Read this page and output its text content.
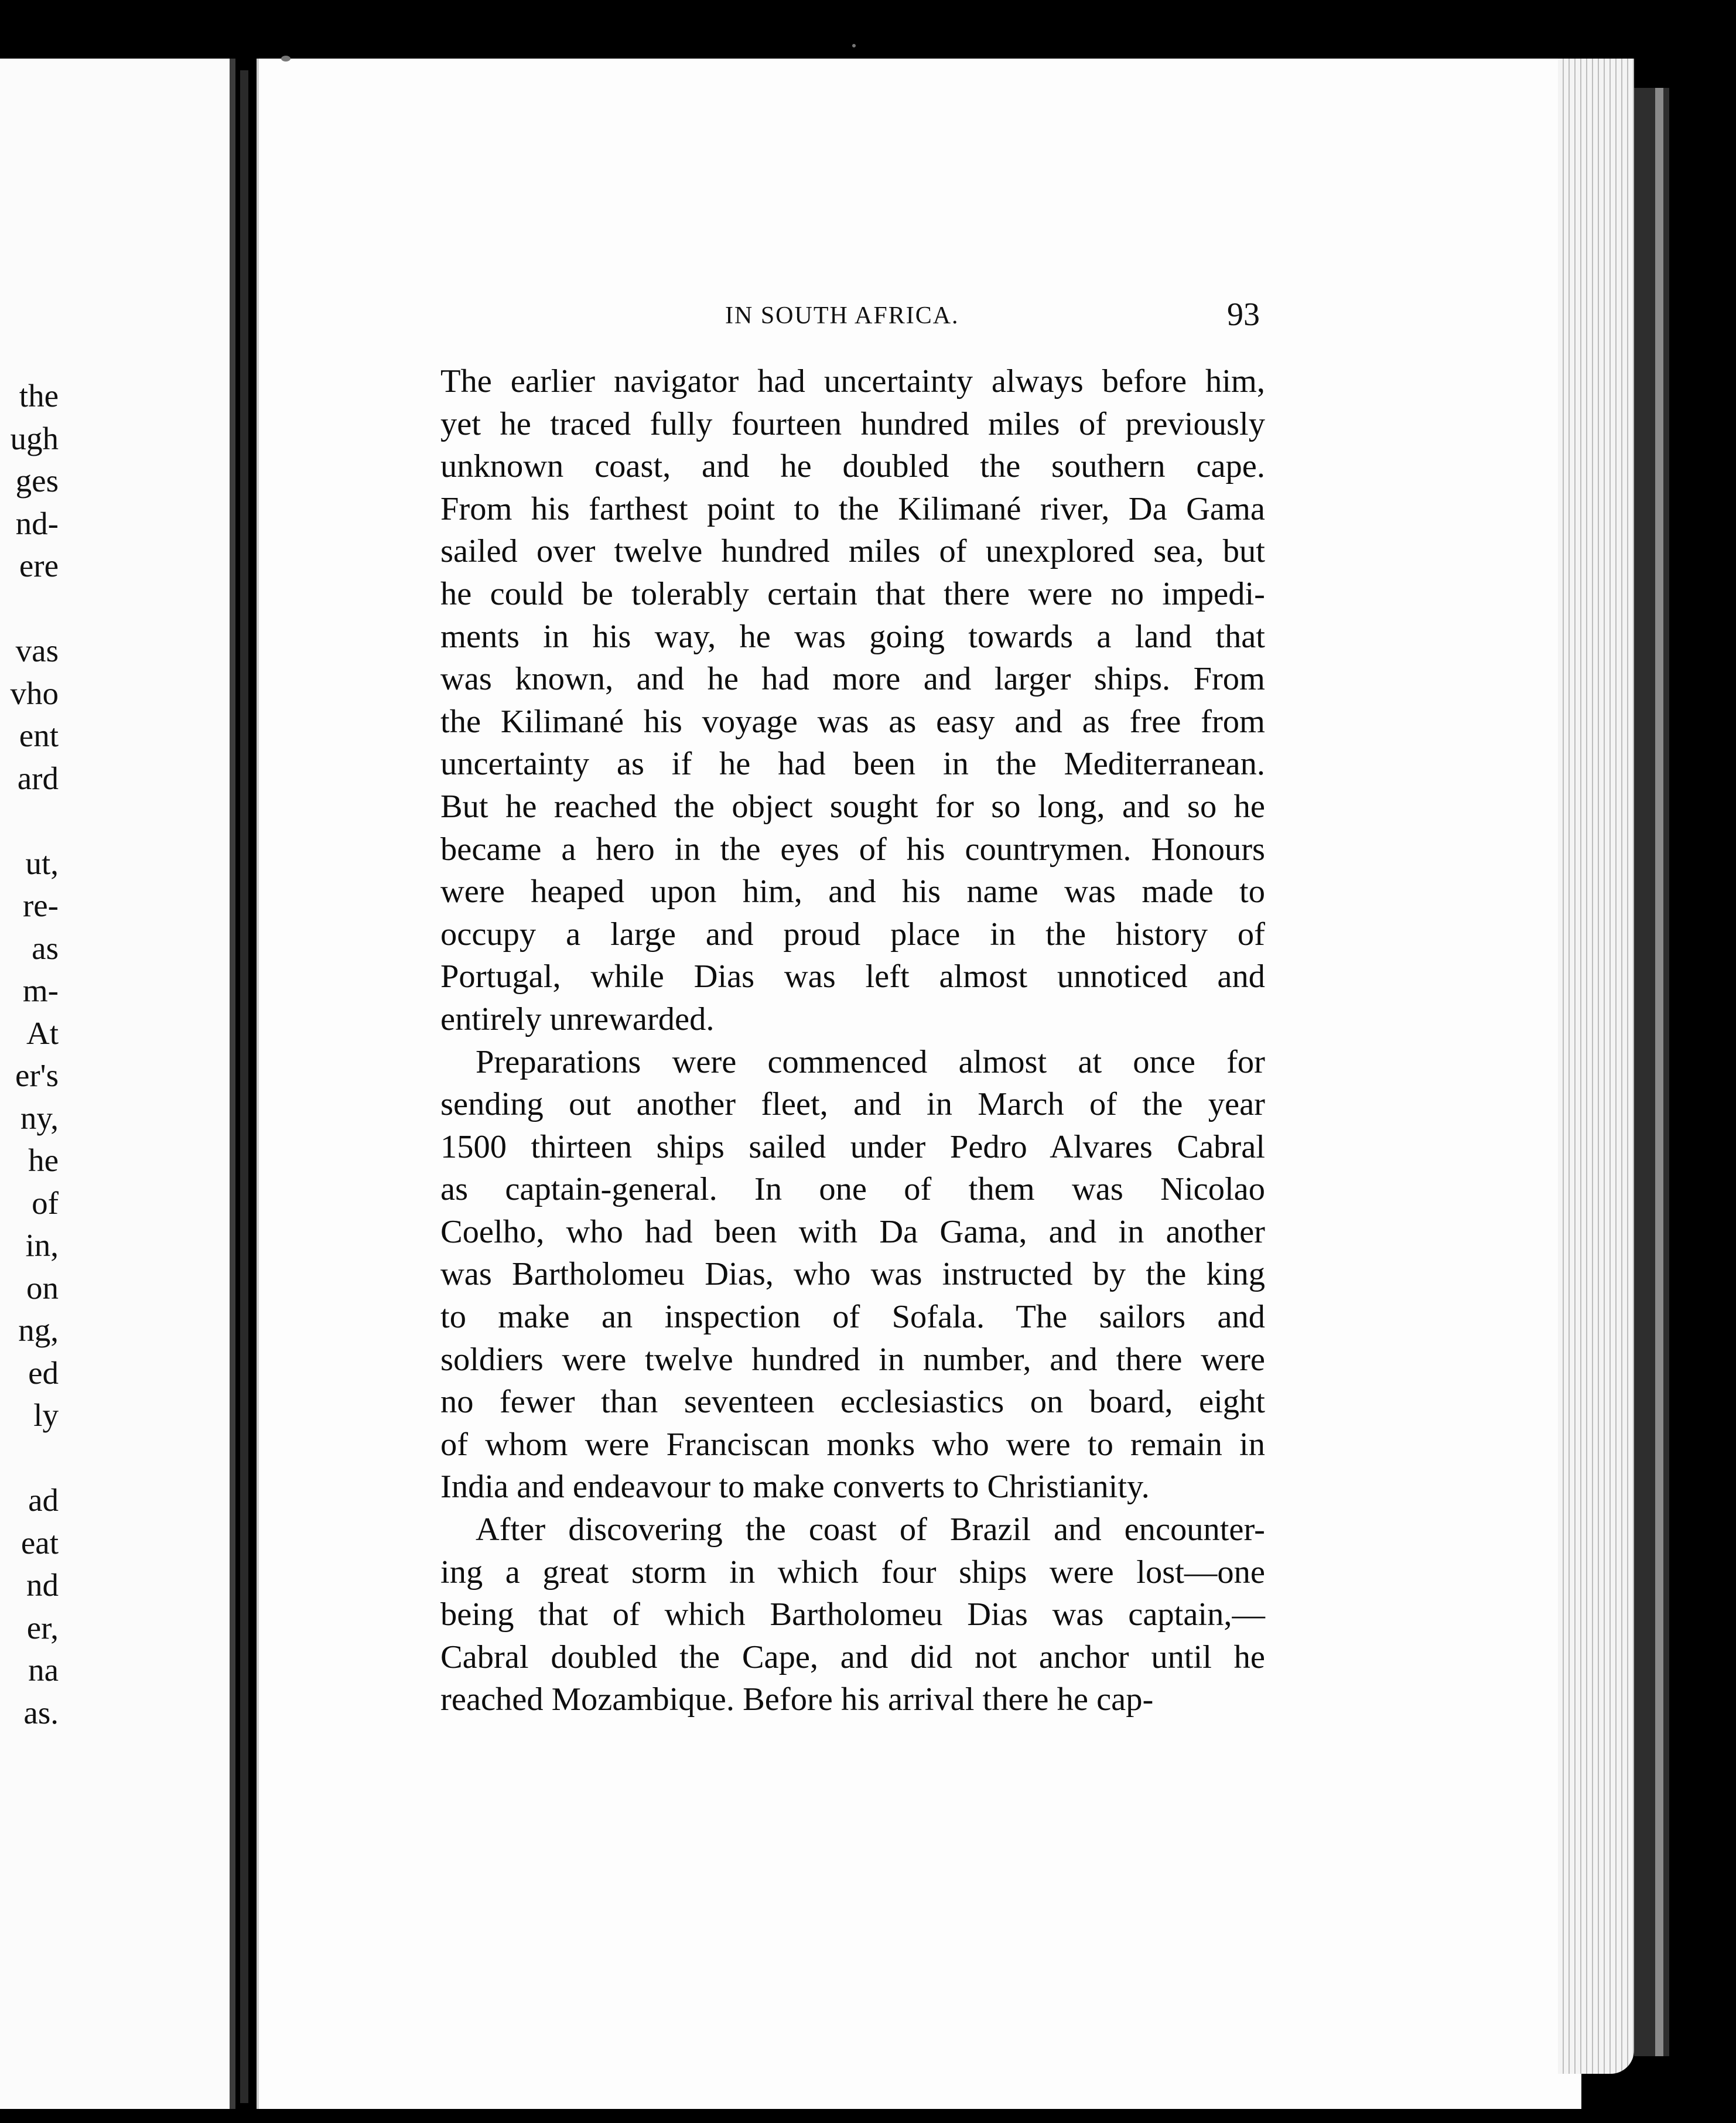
the
ugh
ges
nd-
ere
vas
vho
ent
ard
ut,
re-
as
m-
At
er's
ny,
he
of
in,
on
ng,
ed
ly
ad
eat
nd
er,
na
as.
IN SOUTH AFRICA.	93
The earlier navigator had uncertainty always before him,
yet he traced fully fourteen hundred miles of previously
unknown coast, and he doubled the southern cape.
From his farthest point to the Kilimané river, Da Gama
sailed over twelve hundred miles of unexplored sea, but
he could be tolerably certain that there were no impedi-
ments in his way, he was going towards a land that
was known, and he had more and larger ships. From
the Kilimané his voyage was as easy and as free from
uncertainty as if he had been in the Mediterranean.
But he reached the object sought for so long, and so he
became a hero in the eyes of his countrymen. Honours
were heaped upon him, and his name was made to
occupy a large and proud place in the history of
Portugal, while Dias was left almost unnoticed and
entirely unrewarded.
Preparations were commenced almost at once for
sending out another fleet, and in March of the year
1500 thirteen ships sailed under Pedro Alvares Cabral
as captain-general. In one of them was Nicolao
Coelho, who had been with Da Gama, and in another
was Bartholomeu Dias, who was instructed by the king
to make an inspection of Sofala. The sailors and
soldiers were twelve hundred in number, and there were
no fewer than seventeen ecclesiastics on board, eight
of whom were Franciscan monks who were to remain in
India and endeavour to make converts to Christianity.
After discovering the coast of Brazil and encounter-
ing a great storm in which four ships were lost—one
being that of which Bartholomeu Dias was captain,—
Cabral doubled the Cape, and did not anchor until he
reached Mozambique. Before his arrival there he cap-
